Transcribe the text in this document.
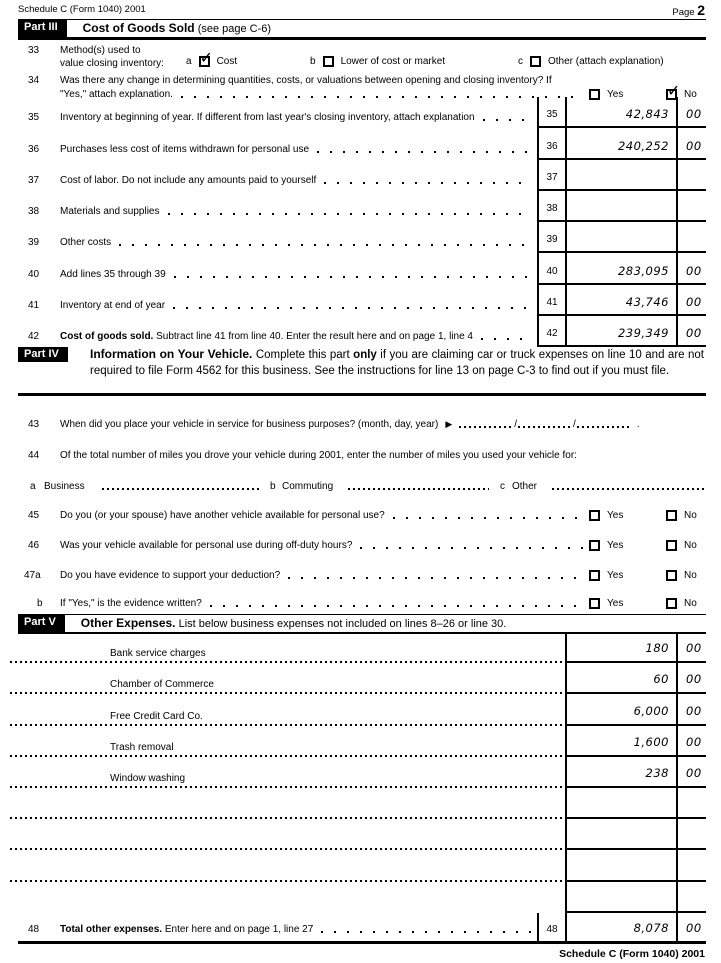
Schedule C (Form 1040) 2001	Page 2
Part III	Cost of Goods Sold (see page C-6)
33	Method(s) used to
value closing inventory: a ✓	Cost	b	Lower of cost or market	c	Other (attach explanation)
34	Was there any change in determining quantities, costs, or valuations between opening and closing inventory? If
"Yes," attach explanation.	Yes ✓	No
35	Inventory at beginning of year. If different from last year's closing inventory, attach explanation	35	42,843	00
36	Purchases less cost of items withdrawn for personal use	36	240,252	00
37	Cost of labor. Do not include any amounts paid to yourself	37
38	Materials and supplies	38
39	Other costs	39
40	Add lines 35 through 39	40	283,095	00
41	Inventory at end of year	41	43,746	00
42	Cost of goods sold. Subtract line 41 from line 40. Enter the result here and on page 1, line 4	42	239,349	00
Part IV	Information on Your Vehicle. Complete this part only if you are claiming car or truck expenses on line 10 and are not required to file Form 4562 for this business. See the instructions for line 13 on page C-3 to find out if you must file.
43	When did you place your vehicle in service for business purposes? (month, day, year) ▶	/	/	.
44	Of the total number of miles you drove your vehicle during 2001, enter the number of miles you used your vehicle for:
a Business	b Commuting	c Other
45	Do you (or your spouse) have another vehicle available for personal use?	Yes	No
46	Was your vehicle available for personal use during off-duty hours?	Yes	No
47a	Do you have evidence to support your deduction?	Yes	No
b	If "Yes," is the evidence written?	Yes	No
Part V	Other Expenses. List below business expenses not included on lines 8–26 or line 30.
Bank service charges	180	00
Chamber of Commerce	60	00
Free Credit Card Co.	6,000	00
Trash removal	1,600	00
Window washing	238	00
48	Total other expenses. Enter here and on page 1, line 27	48	8,078	00
Schedule C (Form 1040) 2001
